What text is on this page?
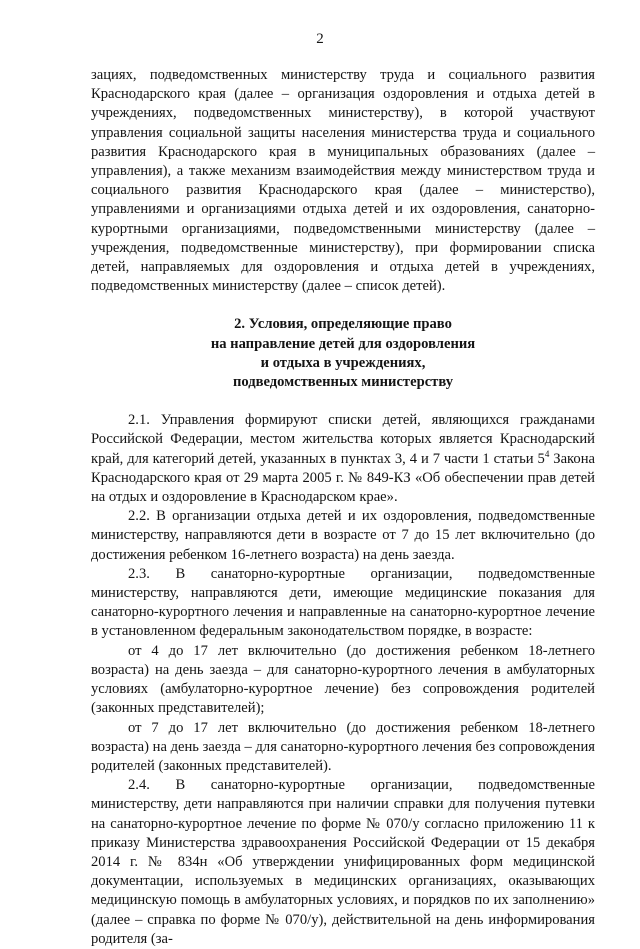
2

зациях, подведомственных министерству труда и социального развития Краснодарского края (далее – организация оздоровления и отдыха детей в учреждениях, подведомственных министерству), в которой участвуют управления социальной защиты населения министерства труда и социального развития Краснодарского края в муниципальных образованиях (далее – управления), а также механизм взаимодействия между министерством труда и социального развития Краснодарского края (далее – министерство), управлениями и организациями отдыха детей и их оздоровления, санаторно-курортными организациями, подведомственными министерству (далее – учреждения, подведомственные министерству), при формировании списка детей, направляемых для оздоровления и отдыха детей в учреждениях, подведомственных министерству (далее – список детей).

2. Условия, определяющие право
на направление детей для оздоровления
и отдыха в учреждениях,
подведомственных министерству

2.1. Управления формируют списки детей, являющихся гражданами Российской Федерации, местом жительства которых является Краснодарский край, для категорий детей, указанных в пунктах 3, 4 и 7 части 1 статьи $5^4$ Закона Краснодарского края от 29 марта 2005 г. № 849-КЗ «Об обеспечении прав детей на отдых и оздоровление в Краснодарском крае».

2.2. В организации отдыха детей и их оздоровления, подведомственные министерству, направляются дети в возрасте от 7 до 15 лет включительно (до достижения ребенком 16-летнего возраста) на день заезда.

2.3. В санаторно-курортные организации, подведомственные министерству, направляются дети, имеющие медицинские показания для санаторно-курортного лечения и направленные на санаторно-курортное лечение в установленном федеральным законодательством порядке, в возрасте:

от 4 до 17 лет включительно (до достижения ребенком 18-летнего возраста) на день заезда – для санаторно-курортного лечения в амбулаторных условиях (амбулаторно-курортное лечение) без сопровождения родителей (законных представителей);

от 7 до 17 лет включительно (до достижения ребенком 18-летнего возраста) на день заезда – для санаторно-курортного лечения без сопровождения родителей (законных представителей).

2.4. В санаторно-курортные организации, подведомственные министерству, дети направляются при наличии справки для получения путевки на санаторно-курортное лечение по форме № 070/у согласно приложению 11 к приказу Министерства здравоохранения Российской Федерации от 15 декабря 2014 г. № 834н «Об утверждении унифицированных форм медицинской документации, используемых в медицинских организациях, оказывающих медицинскую помощь в амбулаторных условиях, и порядков по их заполнению» (далее – справка по форме № 070/у), действительной на день информирования родителя (за-
